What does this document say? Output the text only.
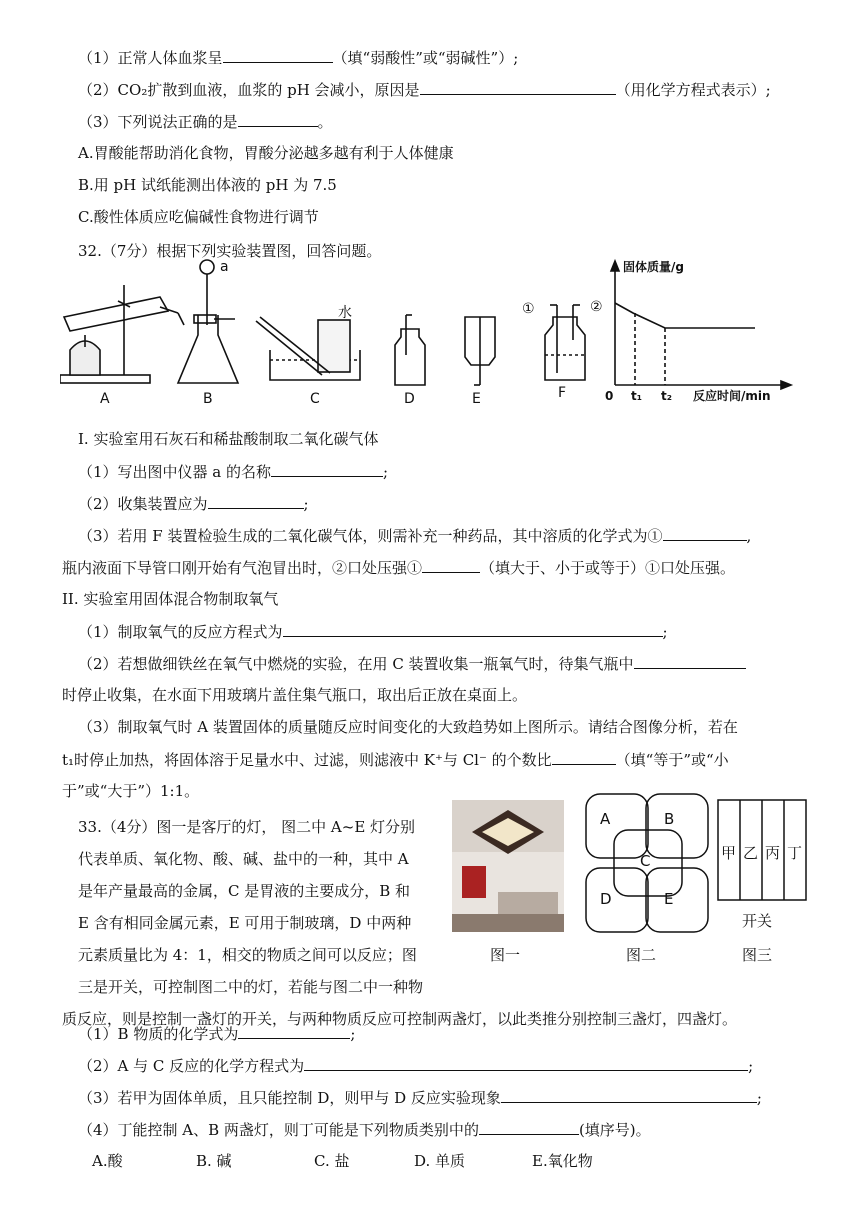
（1）正常人体血浆呈	（填“弱酸性”或“弱碱性”）;
（2）CO₂扩散到血液，血浆的 pH 会减小，原因是	（用化学方程式表示）;
（3）下列说法正确的是	。
A.胃酸能帮助消化食物，胃酸分泌越多越有利于人体健康
B.用 pH 试纸能测出体液的 pH 为 7.5
C.酸性体质应吃偏碱性食物进行调节
32.（7分）根据下列实验装置图，回答问题。
a
水	①	②
A	B	C	D	E	F
固体质量/g
0 t₁ t₂ 反应时间/min
I. 实验室用石灰石和稀盐酸制取二氧化碳气体
（1）写出图中仪器 a 的名称	;
（2）收集装置应为	;
（3）若用 F 装置检验生成的二氧化碳气体，则需补充一种药品，其中溶质的化学式为①	,
瓶内液面下导管口刚开始有气泡冒出时，②口处压强①	（填大于、小于或等于）①口处压强。
II. 实验室用固体混合物制取氧气
（1）制取氧气的反应方程式为	;
（2）若想做细铁丝在氧气中燃烧的实验，在用 C 装置收集一瓶氧气时，待集气瓶中
时停止收集，在水面下用玻璃片盖住集气瓶口，取出后正放在桌面上。
（3）制取氧气时 A 装置固体的质量随反应时间变化的大致趋势如上图所示。请结合图像分析，若在
t₁时停止加热，将固体溶于足量水中、过滤，则滤液中 K⁺与 Cl⁻ 的个数比	（填“等于”或“小
于”或“大于”）1:1。
33.（4分）图一是客厅的灯， 图二中 A~E 灯分别
代表单质、氧化物、酸、碱、盐中的一种，其中 A
是年产量最高的金属，C 是胃液的主要成分，B 和
E 含有相同金属元素，E 可用于制玻璃，D 中两种
元素质量比为 4：1，相交的物质之间可以反应；图
三是开关，可控制图二中的灯，若能与图二中一种物
质反应，则是控制一盏灯的开关，与两种物质反应可控制两盏灯，以此类推分别控制三盏灯，四盏灯。
图一
A	B
C
D	E
图二
甲 乙 丙 丁
开关
图三
（1）B 物质的化学式为	;
（2）A 与 C 反应的化学方程式为	;
（3）若甲为固体单质，且只能控制 D，则甲与 D 反应实验现象	;
（4）丁能控制 A、B 两盏灯，则丁可能是下列物质类别中的	(填序号)。
A.酸	B. 碱	C. 盐	D. 单质	E.氧化物
